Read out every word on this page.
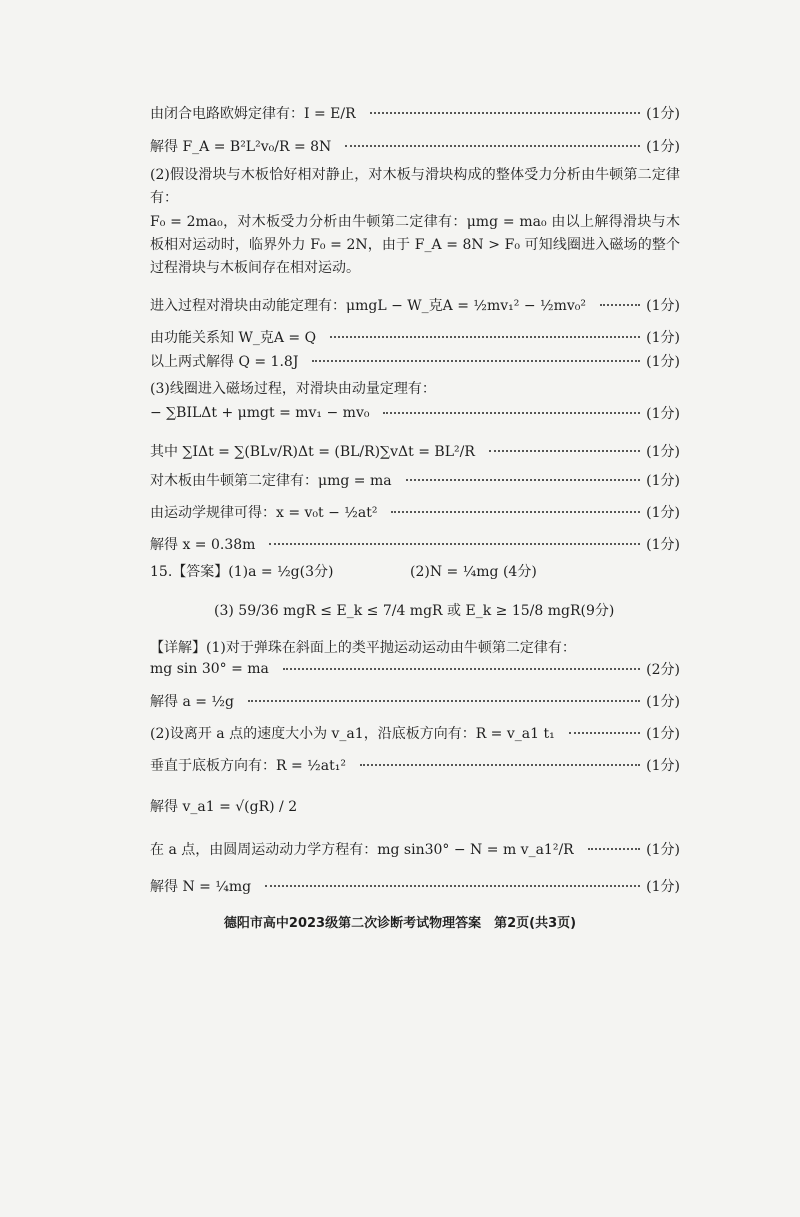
由闭合电路欧姆定律有：I = E/R	(1分)
解得 F_A = B²L²v₀/R = 8N	(1分)
(2)假设滑块与木板恰好相对静止，对木板与滑块构成的整体受力分析由牛顿第二定律有：
F₀ = 2ma₀，对木板受力分析由牛顿第二定律有：μmg = ma₀ 由以上解得滑块与木板相对运动时，临界外力 F₀ = 2N，由于 F_A = 8N > F₀ 可知线圈进入磁场的整个过程滑块与木板间存在相对运动。
进入过程对滑块由动能定理有：μmgL − W_克A = ½mv₁² − ½mv₀²	(1分)
由功能关系知 W_克A = Q	(1分)
以上两式解得 Q = 1.8J	(1分)
(3)线圈进入磁场过程，对滑块由动量定理有：
− ∑BILΔt + μmgt = mv₁ − mv₀	(1分)
其中 ∑IΔt = ∑(BLv/R)Δt = (BL/R)∑vΔt = BL²/R	(1分)
对木板由牛顿第二定律有：μmg = ma	(1分)
由运动学规律可得：x = v₀t − ½at²	(1分)
解得 x = 0.38m	(1分)
15.【答案】(1)a = ½g(3分)	(2)N = ¼mg (4分)
(3) 59/36 mgR ≤ E_k ≤ 7/4 mgR 或 E_k ≥ 15/8 mgR(9分)
【详解】(1)对于弹珠在斜面上的类平抛运动运动由牛顿第二定律有：
mg sin 30° = ma	(2分)
解得 a = ½g	(1分)
(2)设离开 a 点的速度大小为 v_a1，沿底板方向有：R = v_a1 t₁	(1分)
垂直于底板方向有：R = ½at₁²	(1分)
解得 v_a1 = √(gR) / 2
在 a 点，由圆周运动动力学方程有：mg sin30° − N = m v_a1²/R	(1分)
解得 N = ¼mg	(1分)
德阳市高中2023级第二次诊断考试物理答案　第2页(共3页)
